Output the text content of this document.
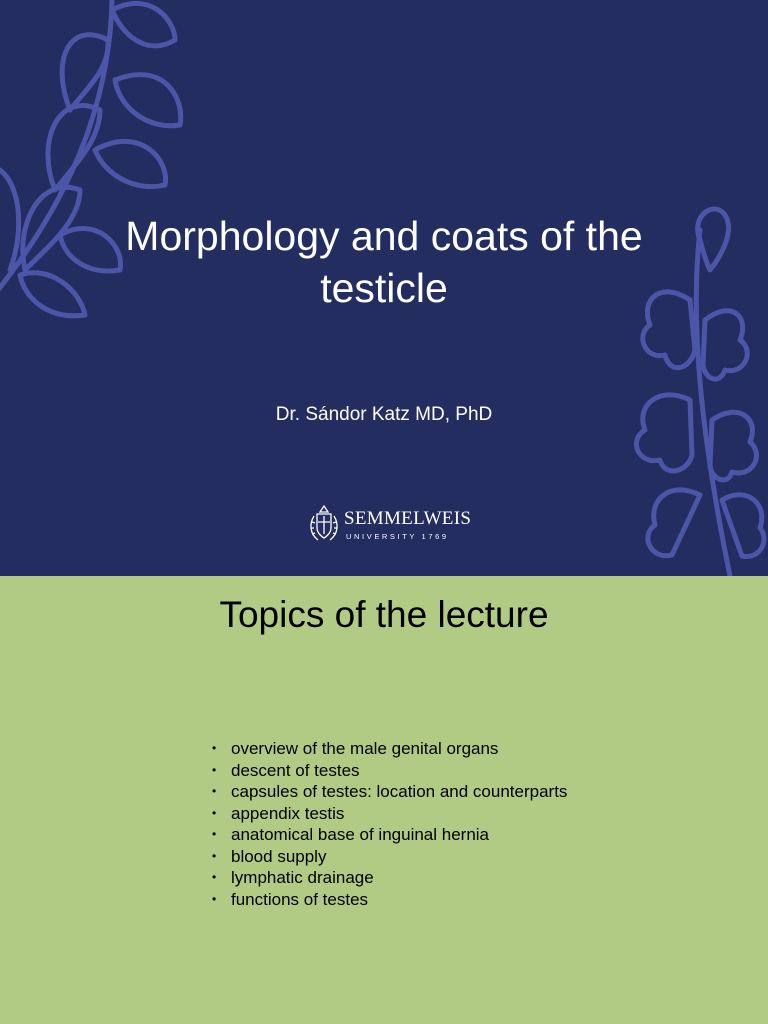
Morphology and coats of the testicle
Dr. Sándor Katz MD, PhD
SEMMELWEIS
UNIVERSITY 1769
Topics of the lecture
• overview of the male genital organs
• descent of testes
• capsules of testes: location and counterparts
• appendix testis
• anatomical base of inguinal hernia
• blood supply
• lymphatic drainage
• functions of testes
